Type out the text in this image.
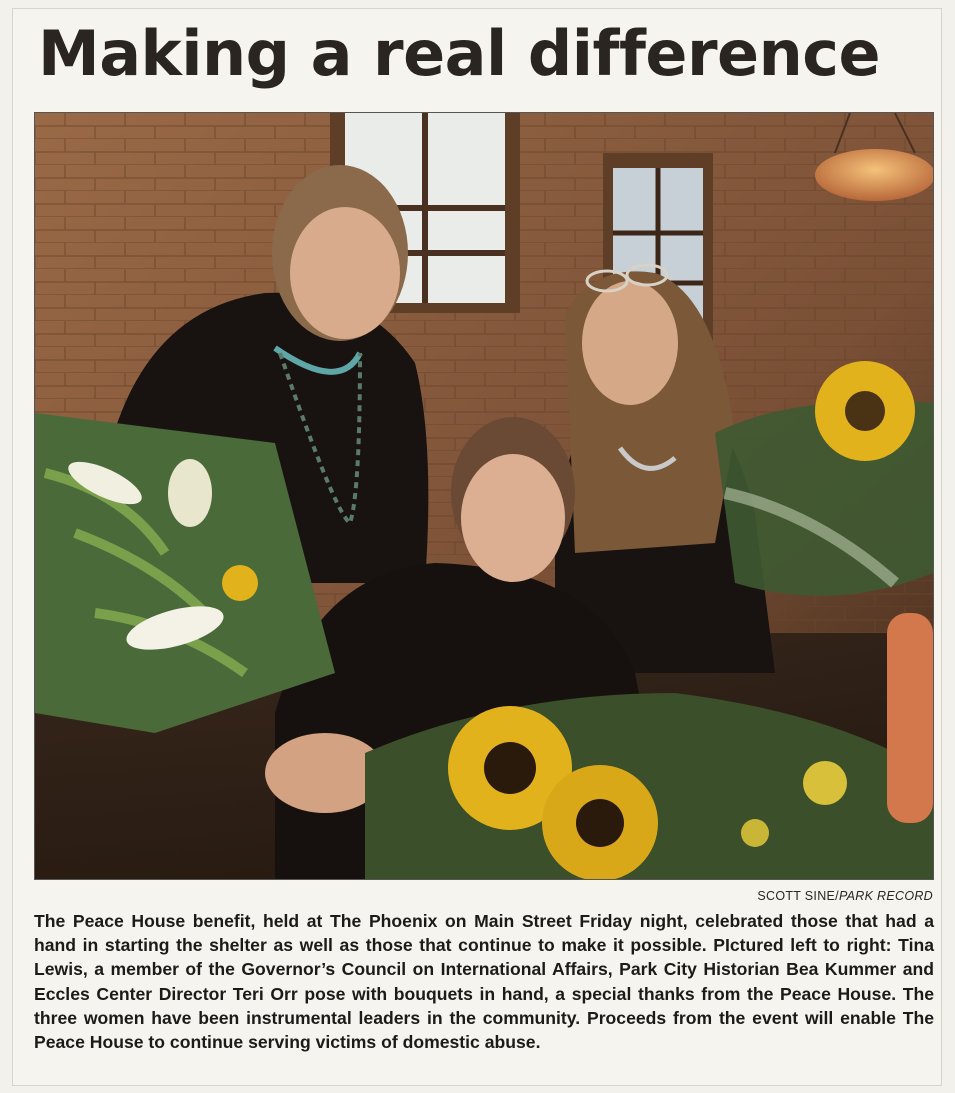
Making a real difference
SCOTT SINE/PARK RECORD

The Peace House benefit, held at The Phoenix on Main Street Friday night, celebrated those that had a hand in starting the shelter as well as those that continue to make it possible. PIctured left to right: Tina Lewis, a member of the Governor’s Council on International Affairs, Park City Historian Bea Kummer and Eccles Center Director Teri Orr pose with bouquets in hand, a special thanks from the Peace House. The three women have been instrumental leaders in the community. Proceeds from the event will enable The Peace House to continue serving victims of domestic abuse.
